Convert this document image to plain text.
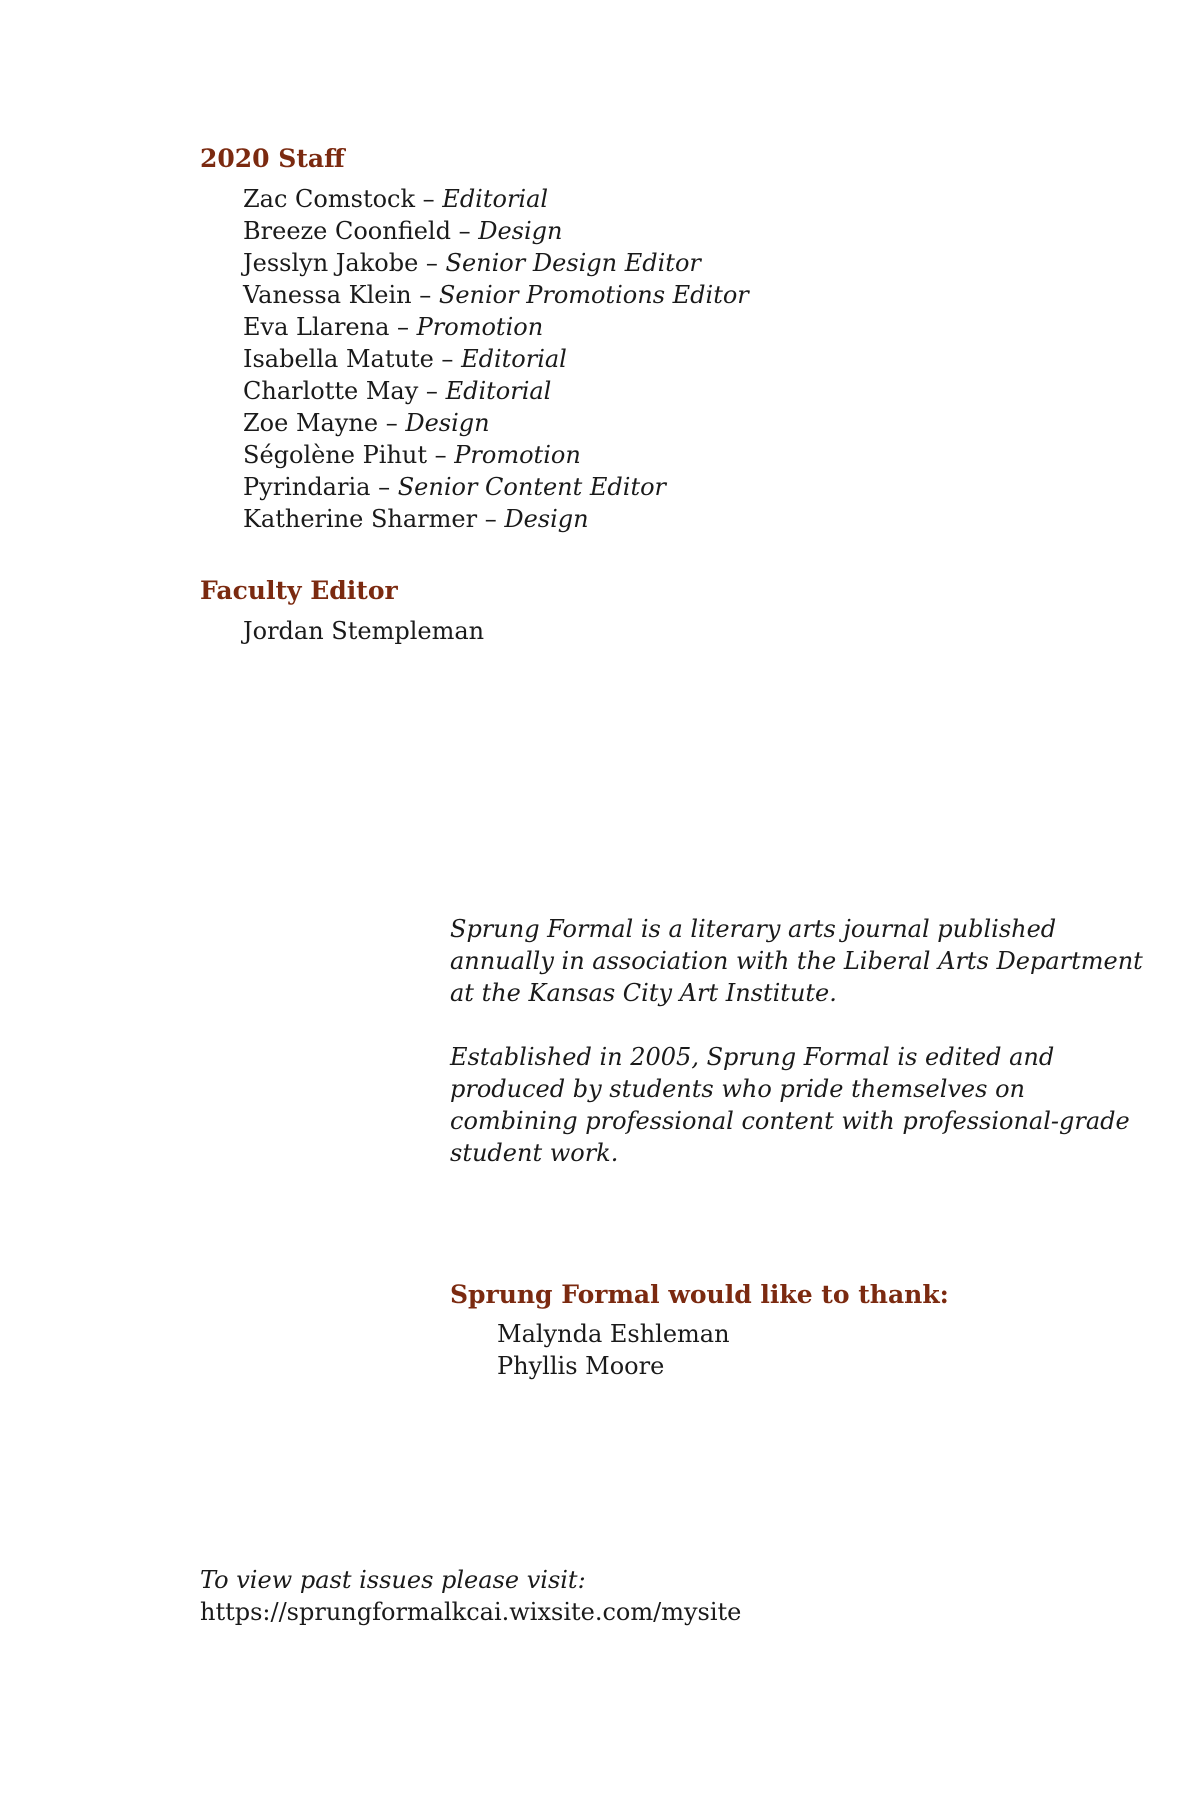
2020 Staff
Zac Comstock – Editorial
Breeze Coonfield – Design
Jesslyn Jakobe – Senior Design Editor
Vanessa Klein – Senior Promotions Editor
Eva Llarena – Promotion
Isabella Matute – Editorial
Charlotte May – Editorial
Zoe Mayne – Design
Ségolène Pihut – Promotion
Pyrindaria – Senior Content Editor
Katherine Sharmer – Design
Faculty Editor
Jordan Stempleman

Sprung Formal is a literary arts journal published annually in association with the Liberal Arts Department at the Kansas City Art Institute.

Established in 2005, Sprung Formal is edited and produced by students who pride themselves on combining professional content with professional-grade student work.

Sprung Formal would like to thank:
Malynda Eshleman
Phyllis Moore
To view past issues please visit:
https://sprungformalkcai.wixsite.com/mysite
